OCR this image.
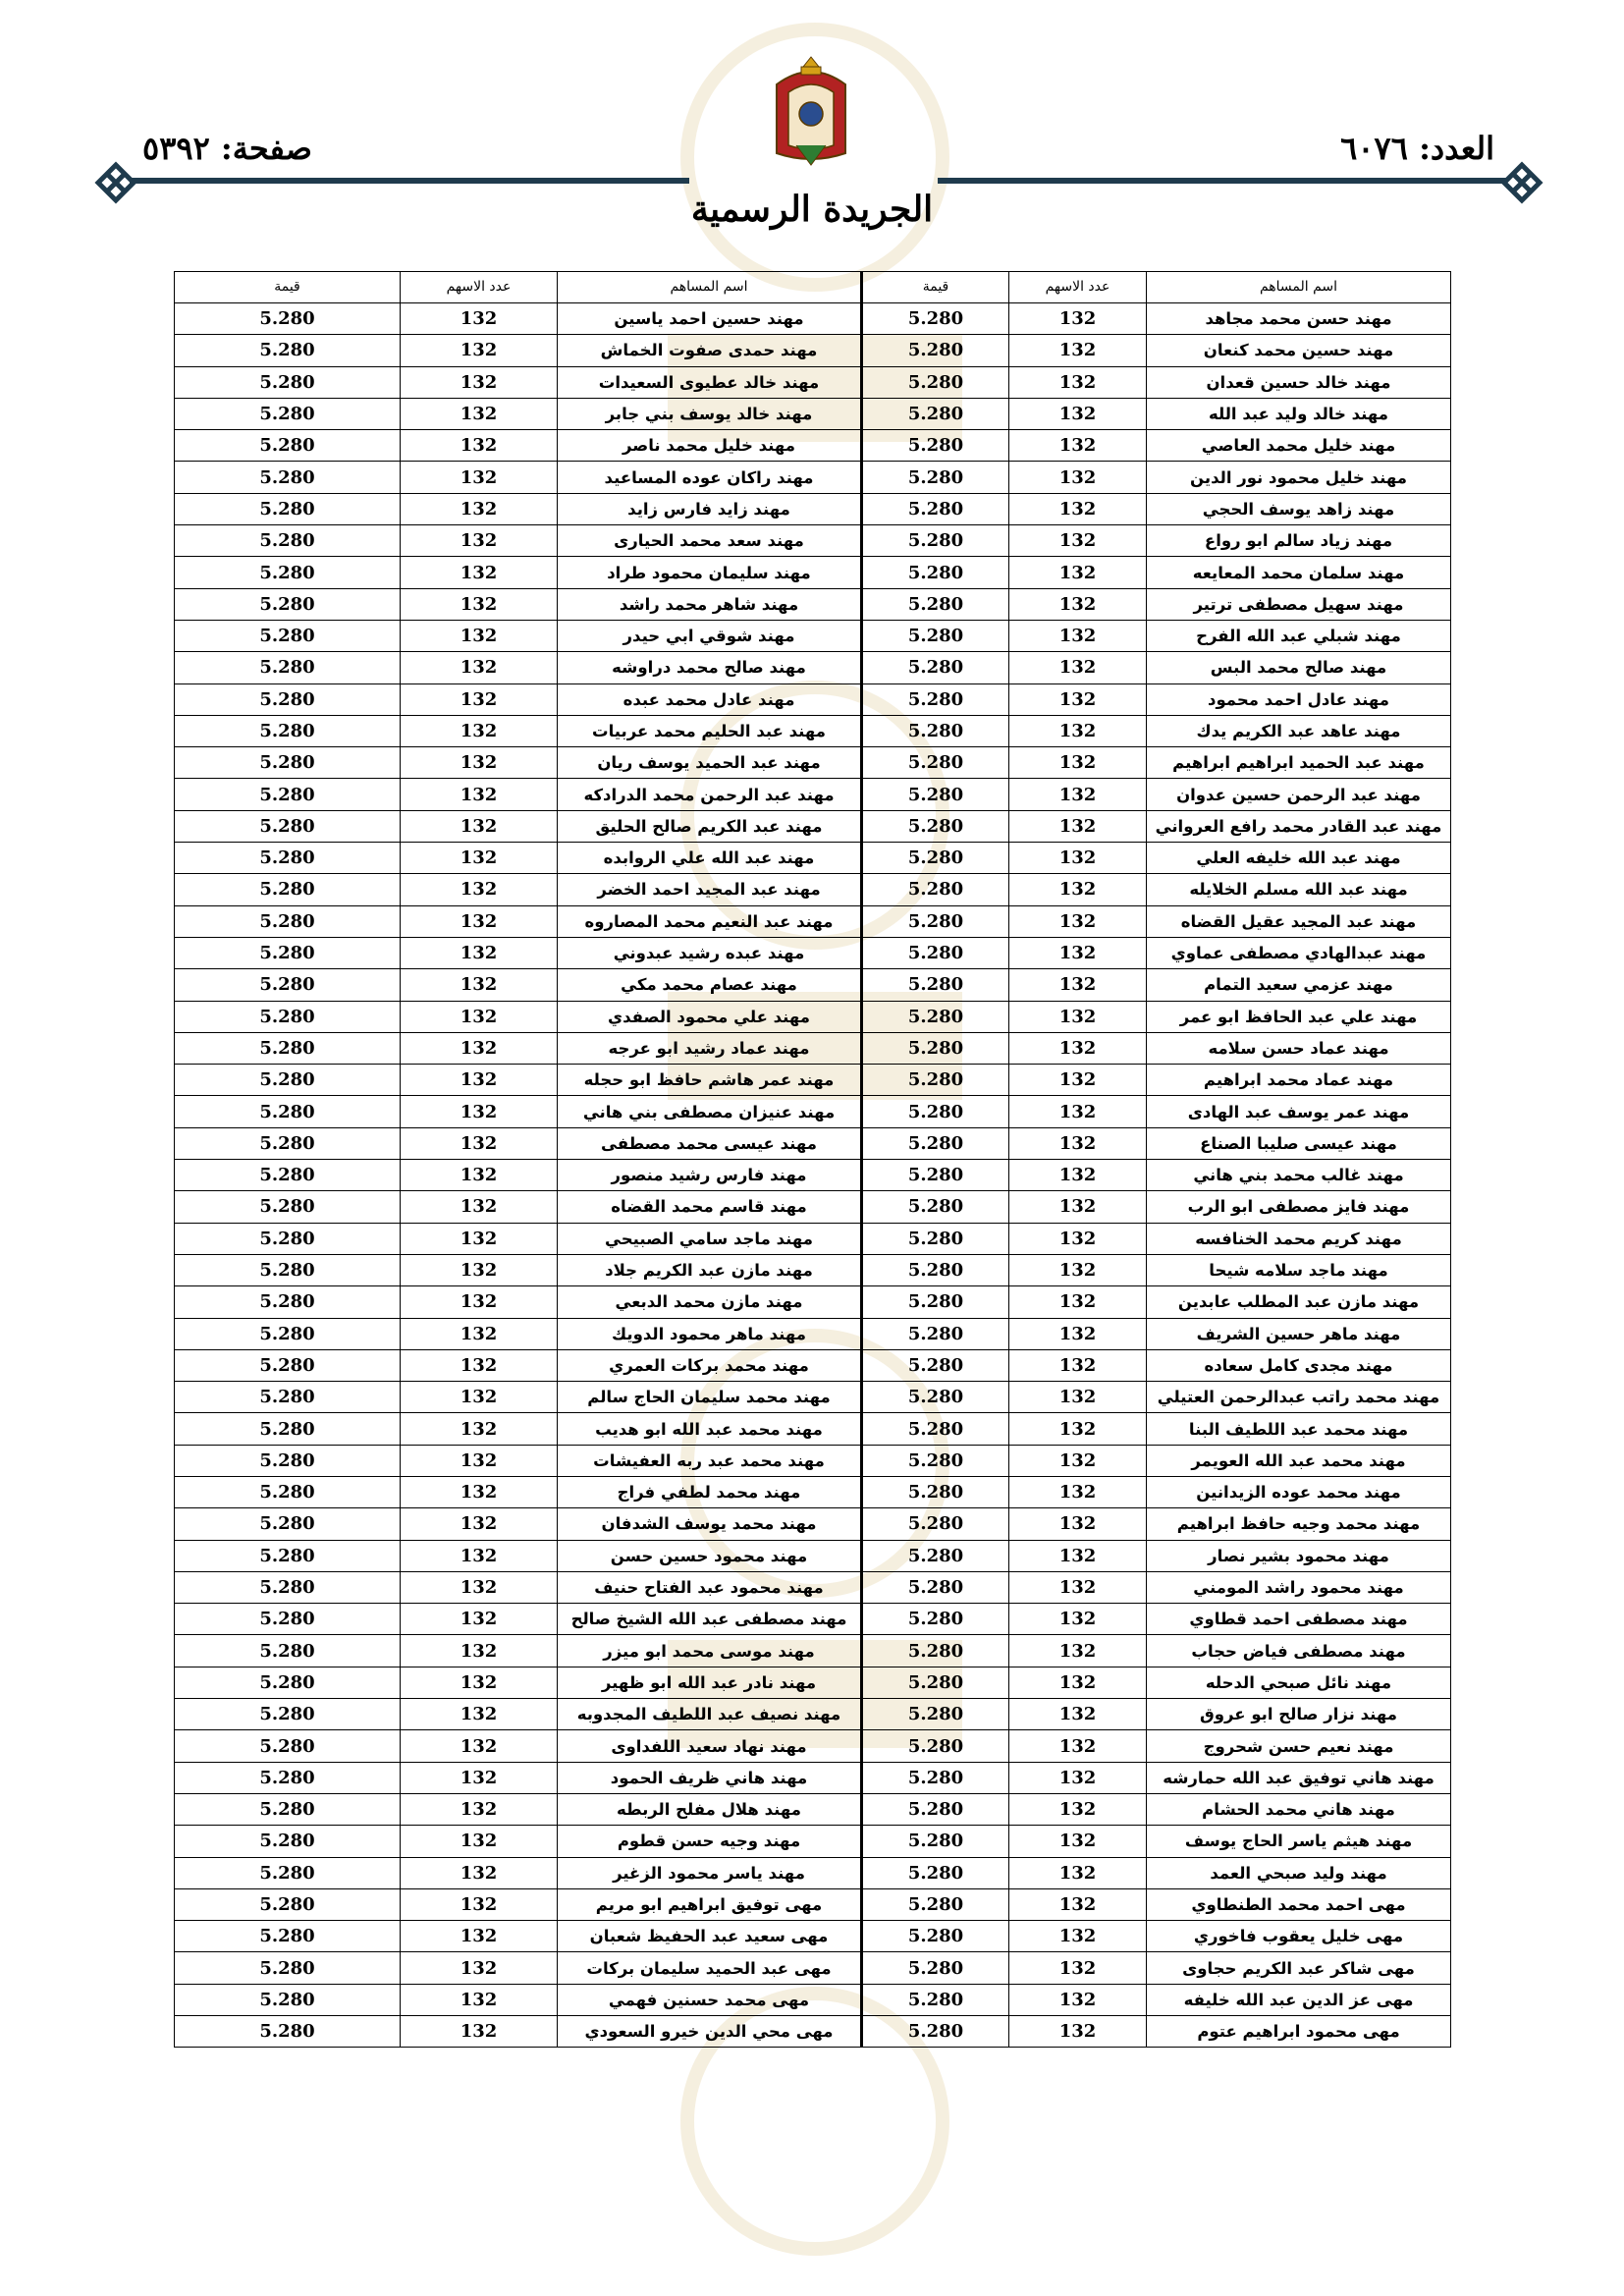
العدد: ٦٠٧٦
صفحة: ٥٣٩٢
الجريدة الرسمية
اسم المساهم	عدد الاسهم	قيمة	اسم المساهم	عدد الاسهم	قيمة
مهند حسن محمد مجاهد	132	5.280	مهند حسين احمد ياسين	132	5.280
مهند حسين محمد كنعان	132	5.280	مهند حمدى صفوت الخماش	132	5.280
مهند خالد حسين قعدان	132	5.280	مهند خالد عطيوى السعيدات	132	5.280
مهند خالد وليد عبد الله	132	5.280	مهند خالد يوسف بني جابر	132	5.280
مهند خليل محمد العاصي	132	5.280	مهند خليل محمد ناصر	132	5.280
مهند خليل محمود نور الدين	132	5.280	مهند راكان عوده المساعيد	132	5.280
مهند زاهد يوسف الحجي	132	5.280	مهند زايد فارس زايد	132	5.280
مهند زياد سالم ابو رواع	132	5.280	مهند سعد محمد الحيارى	132	5.280
مهند سلمان محمد المعايعه	132	5.280	مهند سليمان محمود طراد	132	5.280
مهند سهيل مصطفى ترتير	132	5.280	مهند شاهر محمد راشد	132	5.280
مهند شبلي عبد الله الفرح	132	5.280	مهند شوقي ابي حيدر	132	5.280
مهند صالح محمد البس	132	5.280	مهند صالح محمد دراوشه	132	5.280
مهند عادل احمد محمود	132	5.280	مهند عادل محمد عبده	132	5.280
مهند عاهد عبد الكريم يدك	132	5.280	مهند عبد الحليم محمد عربيات	132	5.280
مهند عبد الحميد ابراهيم ابراهيم	132	5.280	مهند عبد الحميد يوسف ريان	132	5.280
مهند عبد الرحمن حسين عدوان	132	5.280	مهند عبد الرحمن محمد الدرادكه	132	5.280
مهند عبد القادر محمد رافع العرواني	132	5.280	مهند عبد الكريم صالح الحليق	132	5.280
مهند عبد الله خليفه العلي	132	5.280	مهند عبد الله علي الروابده	132	5.280
مهند عبد الله مسلم الخلايله	132	5.280	مهند عبد المجيد احمد الخضر	132	5.280
مهند عبد المجيد عقيل القضاه	132	5.280	مهند عبد النعيم محمد المصاروه	132	5.280
مهند عبدالهادي مصطفى عماوي	132	5.280	مهند عبده رشيد عبدوني	132	5.280
مهند عزمي سعيد التمام	132	5.280	مهند عصام محمد مكي	132	5.280
مهند علي عبد الحافظ ابو عمر	132	5.280	مهند علي محمود الصفدي	132	5.280
مهند عماد حسن سلامه	132	5.280	مهند عماد رشيد ابو عرجه	132	5.280
مهند عماد محمد ابراهيم	132	5.280	مهند عمر هاشم حافظ ابو حجله	132	5.280
مهند عمر يوسف عبد الهادى	132	5.280	مهند عنيزان مصطفى بني هاني	132	5.280
مهند عيسى صليبا الصناع	132	5.280	مهند عيسى محمد مصطفى	132	5.280
مهند غالب محمد بني هاني	132	5.280	مهند فارس رشيد منصور	132	5.280
مهند فايز مصطفى ابو الرب	132	5.280	مهند قاسم محمد القضاه	132	5.280
مهند كريم محمد الخنافسه	132	5.280	مهند ماجد سامي الصبيحي	132	5.280
مهند ماجد سلامه شيحا	132	5.280	مهند مازن عبد الكريم جلاد	132	5.280
مهند مازن عبد المطلب عابدين	132	5.280	مهند مازن محمد الدبعي	132	5.280
مهند ماهر حسين الشريف	132	5.280	مهند ماهر محمود الدويك	132	5.280
مهند مجدى كامل سعاده	132	5.280	مهند محمد بركات العمري	132	5.280
مهند محمد راتب عبدالرحمن العتيلي	132	5.280	مهند محمد سليمان الحاج سالم	132	5.280
مهند محمد عبد اللطيف البنا	132	5.280	مهند محمد عبد الله ابو هديب	132	5.280
مهند محمد عبد الله العويمر	132	5.280	مهند محمد عبد ربه العفيشات	132	5.280
مهند محمد عوده الزيدانين	132	5.280	مهند محمد لطفي فراج	132	5.280
مهند محمد وجيه حافظ ابراهيم	132	5.280	مهند محمد يوسف الشدفان	132	5.280
مهند محمود بشير نصار	132	5.280	مهند محمود حسين حسن	132	5.280
مهند محمود راشد المومني	132	5.280	مهند محمود عبد الفتاح حنيف	132	5.280
مهند مصطفى احمد قطاوي	132	5.280	مهند مصطفى عبد الله الشيخ صالح	132	5.280
مهند مصطفى فياض حجاب	132	5.280	مهند موسى محمد ابو ميزر	132	5.280
مهند نائل صبحي الدحله	132	5.280	مهند نادر عبد الله ابو ظهير	132	5.280
مهند نزار صالح ابو عروق	132	5.280	مهند نصيف عبد اللطيف المجدوبه	132	5.280
مهند نعيم حسن شحروج	132	5.280	مهند نهاد سعيد اللفداوى	132	5.280
مهند هاني توفيق عبد الله حمارشه	132	5.280	مهند هاني ظريف الحمود	132	5.280
مهند هاني محمد الحشام	132	5.280	مهند هلال مفلح الربطه	132	5.280
مهند هيثم ياسر الحاج يوسف	132	5.280	مهند وجيه حسن قطوم	132	5.280
مهند وليد صبحي العمد	132	5.280	مهند ياسر محمود الزغير	132	5.280
مهى احمد محمد الطنطاوي	132	5.280	مهى توفيق ابراهيم ابو مريم	132	5.280
مهى خليل يعقوب فاخوري	132	5.280	مهى سعيد عبد الحفيظ شعبان	132	5.280
مهى شاكر عبد الكريم حجاوى	132	5.280	مهى عبد الحميد سليمان بركات	132	5.280
مهى عز الدين عبد الله خليفه	132	5.280	مهى محمد حسنين فهمي	132	5.280
مهى محمود ابراهيم عتوم	132	5.280	مهى محي الدين خيرو السعودي	132	5.280
